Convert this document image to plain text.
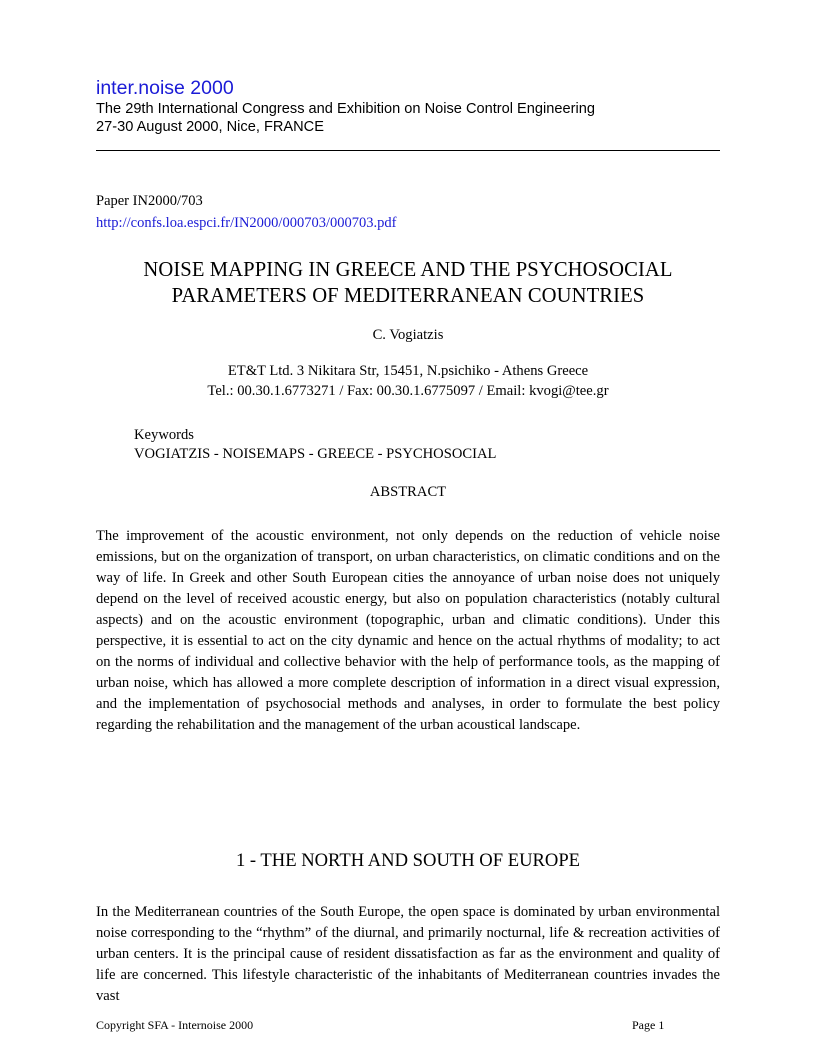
inter.noise 2000
The 29th International Congress and Exhibition on Noise Control Engineering
27-30 August 2000, Nice, FRANCE
Paper IN2000/703
http://confs.loa.espci.fr/IN2000/000703/000703.pdf
NOISE MAPPING IN GREECE AND THE PSYCHOSOCIAL
PARAMETERS OF MEDITERRANEAN COUNTRIES
C. Vogiatzis
ET&T Ltd. 3 Nikitara Str, 15451, N.psichiko - Athens Greece
Tel.: 00.30.1.6773271 / Fax: 00.30.1.6775097 / Email: kvogi@tee.gr
Keywords
VOGIATZIS - NOISEMAPS - GREECE - PSYCHOSOCIAL
ABSTRACT

The improvement of the acoustic environment, not only depends on the reduction of vehicle noise emissions, but on the organization of transport, on urban characteristics, on climatic conditions and on the way of life. In Greek and other South European cities the annoyance of urban noise does not uniquely depend on the level of received acoustic energy, but also on population characteristics (notably cultural aspects) and on the acoustic environment (topographic, urban and climatic conditions). Under this perspective, it is essential to act on the city dynamic and hence on the actual rhythms of modality; to act on the norms of individual and collective behavior with the help of performance tools, as the mapping of urban noise, which has allowed a more complete description of information in a direct visual expression, and the implementation of psychosocial methods and analyses, in order to formulate the best policy regarding the rehabilitation and the management of the urban acoustical landscape.

1 - THE NORTH AND SOUTH OF EUROPE

In the Mediterranean countries of the South Europe, the open space is dominated by urban environmental noise corresponding to the “rhythm” of the diurnal, and primarily nocturnal, life & recreation activities of urban centers. It is the principal cause of resident dissatisfaction as far as the environment and quality of life are concerned. This lifestyle characteristic of the inhabitants of Mediterranean countries invades the vast

Copyright SFA - Internoise 2000	Page 1
